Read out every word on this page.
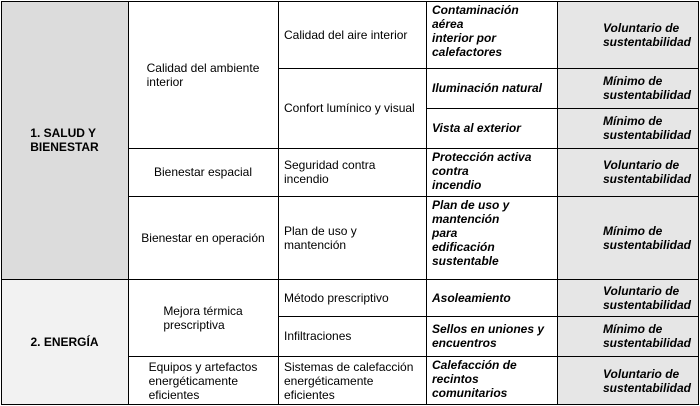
1. SALUD Y
BIENESTAR
2. ENERGÍA
Calidad del ambiente
interior
Bienestar espacial
Bienestar en operación
Mejora térmica
prescriptiva
Equipos y artefactos
energéticamente
eficientes
Calidad del aire interior
Confort lumínico y visual
Seguridad contra
incendio
Plan de uso y
mantención
Método prescriptivo
Infiltraciones
Sistemas de calefacción
energéticamente
eficientes
Contaminación
aérea
interior por
calefactores
Iluminación natural
Vista al exterior
Protección activa
contra
incendio
Plan de uso y
mantención
para
edificación
sustentable
Asoleamiento
Sellos en uniones y
encuentros
Calefacción de
recintos
comunitarios
Voluntario de
sustentabilidad
Mínimo de
sustentabilidad
Mínimo de
sustentabilidad
Voluntario de
sustentabilidad
Mínimo de
sustentabilidad
Voluntario de
sustentabilidad
Mínimo de
sustentabilidad
Voluntario de
sustentabilidad
